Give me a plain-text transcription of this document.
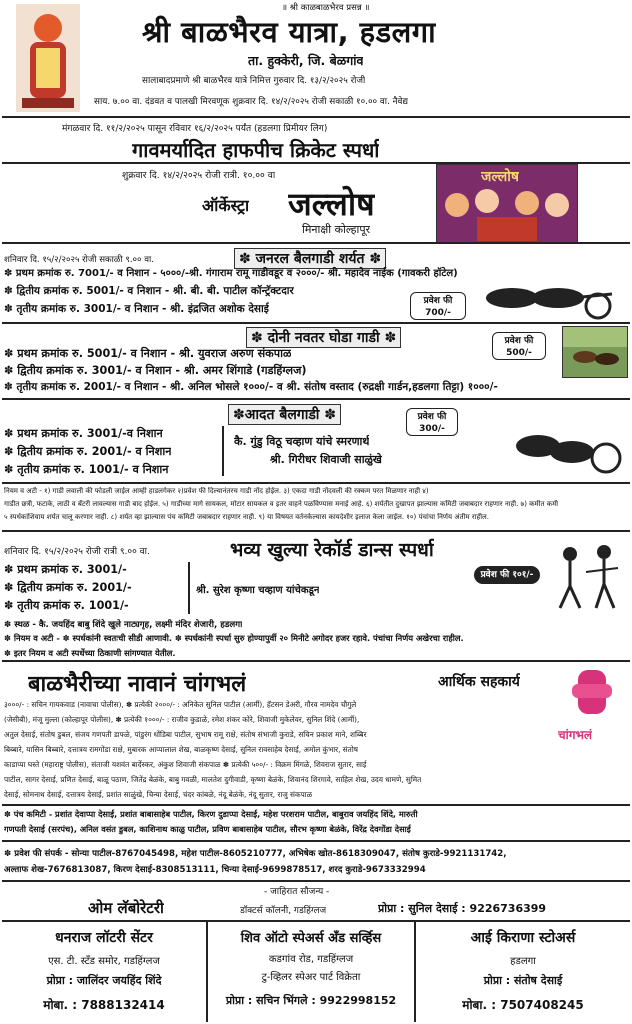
॥ श्री काळबाळभैरव प्रसन्न ॥
श्री बाळभैरव यात्रा, हडलगा
ता. हुक्केरी, जि. बेळगांव
सालाबादप्रमाणे श्री बाळभैरव यात्रे निमित्त गुरुवार दि. १३/२/२०२५ रोजी
साय. ७.०० वा. दंडवत व पालखी मिरवणूक शुक्रवार दि. १४/२/२०२५ रोजी सकाळी १०.०० वा. नैवेद्य
मंगळवार दि. ११/२/२०२५ पासून रविवार १६/२/२०२५ पर्यंत (हडलगा प्रिमीयर लिग)
गावमर्यादित हाफपीच क्रिकेट स्पर्धा
शुक्रवार दि. १४/२/२०२५ रोजी रात्री. १०.०० वा
ऑर्केस्ट्रा जल्लोष
मिनाक्षी कोल्हापूर
जल्लोष
शनिवार दि. १५/२/२०२५ रोजी सकाळी ९.०० वा.	✽ जनरल बैलगाडी शर्यत ✽
✽ प्रथम क्रमांक रु. 7001/- व निशान - ५०००/-श्री. गंगाराम रामू गाडीवडूर व २०००/- श्री. महादेव नाईक (गावकरी हॉटेल)
✽ द्वितीय क्रमांक रु. 5001/- व निशान - श्री. बी. बी. पाटील कॉन्ट्रॅक्टदार
✽ तृतीय क्रमांक रु. 3001/- व निशान - श्री. इंद्रजित अशोक देसाई
प्रवेश फी 700/-
✽ दोनी नवतर घोडा गाडी ✽
✽ प्रथम क्रमांक रु. 5001/- व निशान - श्री. युवराज अरुण संकपाळ
✽ द्वितीय क्रमांक रु. 3001/- व निशान - श्री. अमर शिंगाडे (गडहिंग्लज)
✽ तृतीय क्रमांक रु. 2001/- व निशान - श्री. अनिल भोसले १०००/- व श्री. संतोष वस्ताद (रुद्रक्षी गार्डन,हडलगा तिट्टा) १०००/-
प्रवेश फी 500/-
✽आदत बैलगाडी ✽
✽ प्रथम क्रमांक रु. 3001/-व निशान
✽ द्वितीय क्रमांक रु. 2001/- व निशान
✽ तृतीय क्रमांक रु. 1001/- व निशान
कै. गुंडु विठू चव्हाण यांचे स्मरणार्थ
श्री. गिरीधर शिवाजी साळुंखे
प्रवेश फी 300/-
नियम व अटी - १) गाडी लवाली की फोडली जाईल आम्ही हाडलगेकर २)प्रवेश फी दिल्यानंतरच गाडी नोंद होईल. ३) एकदा गाडी नोंदवली की रक्कम परत मिळणार नाही ४)
गाडीत छत्री, फटाके, लाठी व बॅटरी लावल्यास गाडी बाद होईल. ५) गाडीच्या मागे सायकल, मोटार सायकल व इतर वाहने पळविण्यास मनाई आहे. ६) शर्यतीत दुखापत झाल्यास कमिटी जबाबदार राहणार नाही. ७) कमीत कमी
५ स्पर्धकांशिवाय शर्यत चालू करणार नाही. ८) शर्यत व्हा झाल्यास पंच कमिटी जबाबदार राहणार नाही. ९) या विषयत वर्तनकेल्यास कायदेशीर इलाज केला जाईल. १०) पंचांचा निर्णय अंतीम राहील.
शनिवार दि. १५/२/२०२५ रोजी रात्री ९.०० वा.	भव्य खुल्या रेकॉर्ड डान्स स्पर्धा
✽ प्रथम क्रमांक रु. 3001/-
✽ द्वितीय क्रमांक रु. 2001/-
✽ तृतीय क्रमांक रु. 1001/-
श्री. सुरेश कृष्णा चव्हाण यांचेकडून
प्रवेश फी १०१/-
✽ स्थळ - कै. जयहिंद बाबु शिंदे खुले नाट्यगृह, लक्ष्मी मंदिर शेजारी, हडलगा
✽ नियम व अटी - ✽ स्पर्धकांनी स्वतःची सीडी आणावी. ✽ स्पर्धकांनी स्पर्धा सुरु होण्यापुर्वी २० मिनीटे अगोदर हजर रहावे. पंचांचा निर्णय अखेरचा राहील.
✽ इतर नियम व अटी स्पर्धेच्या ठिकाणी सांगण्यात येतील.
बाळभैरीच्या नावानं चांगभलं	आर्थिक सहकार्य
चांगभलं
३०००/- : सचिन गायकवाड (नावाचा पोलीस), ✽ प्रत्येकी २०००/- : अनिकेत सुनिल पाटील (आर्मी), हॅटसन डेअरी, गौरव नामदेव चौगुले
(जेसीबी), मंजू मुल्ला (कोल्हापूर पोलीस), ✽ प्रत्येकी १०००/- : राजीव कुडाळे, रमेश शंकर कोरे, शिवाजी मुकेलेवर, सुनिल शिंदे (आर्मी),
अतुल देसाई, संतोष डुबल, संजय गणपती डाफ्ळे, पांडुरंग धोंडिबा पाटील, सुभाष रामू राक्षे, संतोष संभाजी कुराडे, सचिन प्रकाश माने, शब्बिर
बिब्बारे, यासिन बिब्बारे, दत्तात्रय रामगोंडा राक्षे, मुबारक आप्पालाल शेख, बाळकृष्ण देसाई, सुनिल रावसाहेब देसाई, अमोल कुंभार, संतोष
काडाप्पा घस्ते (महाराष्ट्र पोलीस), संताजी यशवंत बार्देस्कर, अंकुश शिवाजी संकपाळ ✽ प्रत्येकी ५००/- : विक्रम मिंगळे, शिवराज सुतार, साई
पाटील, सागर देसाई, प्रणित देसाई, बाळू पठाण, जितेंद्र बेळंके, बाबु गवळी, मालतेश दुगीवाडी, कृष्णा बेळंके, शिवानंद शिरगावे, साहिल शेख, उदय धामणे, सुमित
देसाई, सोमनाथ देसाई, दत्तात्रय देसाई, प्रशांत साळुंखे, चिन्या देसाई, चंदर कांबळे, नंदू बेळंके, नंदू सुतार, राजु संकपाळ
✽ पंच कमिटी - प्रशांत देवाप्पा देसाई, प्रशांत बाबासाहेब पाटील, किरण दुडाप्पा देसाई, महेश परशराम पाटील, बाबुराव जयहिंद शिंदे, मारुती
गणपती देसाई (सरपंच), अनिल वसंत डुबल, काशिनाथ काळु पाटील, प्रविण बाबासाहेब पाटील, सौरभ कृष्णा बेळंके, विरेंद्र देवगोंडा देसाई
✽ प्रवेश फी संपर्क - सोन्या पाटील-8767045498, महेश पाटील-8605210777, अभिषेक खोत-8618309047, संतोष कुराडे-9921131742,
अल्ताफ शेख-7676813087, किरण देसाई-8308513111, चिन्या देसाई-9699878517, शरद कुराडे-9673332994
- जाहिरात सौजन्य -
ओम लॅबोरेटरी	डॉक्टर्स कॉलनी, गडहिंग्लज	प्रोप्रा : सुनिल देसाई : 9226736399
धनराज लॉटरी सेंटर
एस. टी. स्टॅंड समोर, गडहिंग्लज
प्रोप्रा : जालिंदर जयहिंद शिंदे
मोबा. : 7888132414
शिव ऑटो स्पेअर्स अँड सर्व्हिस
कडगांव रोड, गडहिंग्लज
टु-व्हिलर स्पेअर पार्ट विक्रेता
प्रोप्रा : सचिन भिंगले : 9922998152
आई किराणा स्टोअर्स
हडलगा
प्रोप्रा : संतोष देसाई
मोबा. : 7507408245
